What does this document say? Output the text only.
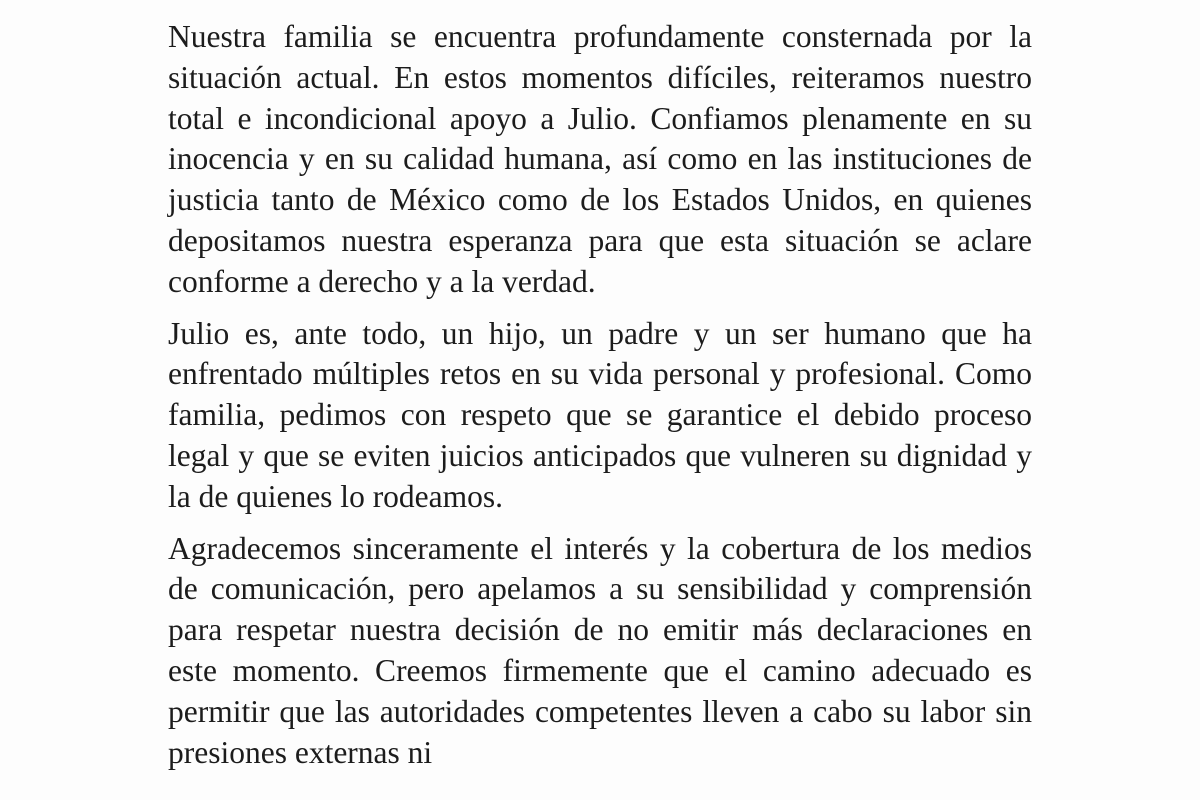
Nuestra familia se encuentra profundamente consternada por la situación actual. En estos momentos difíciles, reiteramos nuestro total e incondicional apoyo a Julio. Confiamos plenamente en su inocencia y en su calidad humana, así como en las instituciones de justicia tanto de México como de los Estados Unidos, en quienes depositamos nuestra esperanza para que esta situación se aclare conforme a derecho y a la verdad.

Julio es, ante todo, un hijo, un padre y un ser humano que ha enfrentado múltiples retos en su vida personal y profesional. Como familia, pedimos con respeto que se garantice el debido proceso legal y que se eviten juicios anticipados que vulneren su dignidad y la de quienes lo rodeamos.

Agradecemos sinceramente el interés y la cobertura de los medios de comunicación, pero apelamos a su sensibilidad y comprensión para respetar nuestra decisión de no emitir más declaraciones en este momento. Creemos firmemente que el camino adecuado es permitir que las autoridades competentes lleven a cabo su labor sin presiones externas ni
